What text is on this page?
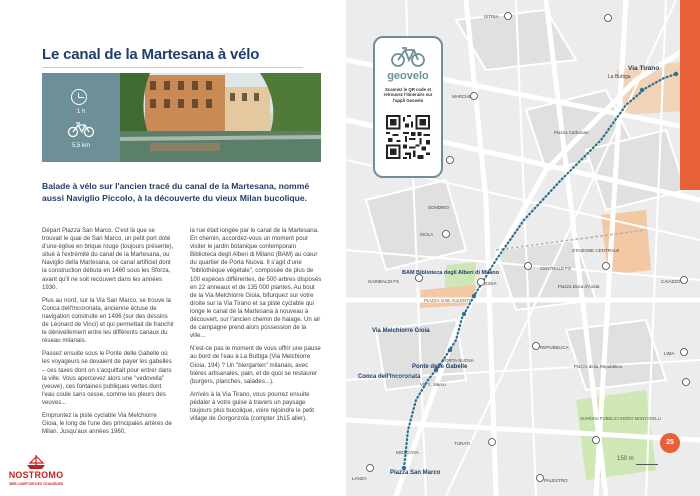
Le canal de la Martesana à vélo
1 h
5,5 km
Balade à vélo sur l'ancien tracé du canal de la Martesana, nommé aussi Naviglio Piccolo, à la découverte du vieux Milan bucolique.

Départ Piazza San Marco. C'est là que se trouvait le quai de San Marco, un petit port doté d'une église en brique rouge (toujours présente), situé à l'extrémité du canal de la Martesana, ou Naviglio della Martesana, ce canal artificiel dont la construction débuta en 1460 sous les Sforza, avant qu'il ne soit recouvert dans les années 1930.

Plus au nord, sur la Via San Marco, se trouve la Conca dell'Incoronata, ancienne écluse de navigation construite en 1496 (sur des dessins de Léonard de Vinci) et qui permettait de franchir le dénivellement entre les différents canaux du réseau milanais.

Passez ensuite sous le Ponte delle Gabelle où les voyageurs se devaient de payer les gabelles – ces taxes dont on s'acquittait pour entrer dans la ville. Vous apercevez alors une "vedovella" (veuve), ces fontaines publiques vertes dont l'eau coule sans cesse, comme les pleurs des veuves...

Empruntez la piste cyclable Via Melchiorre Gioia, le long de l'une des principales artères de Milan. Jusqu'aux années 1960,

la rue était longée par le canal de la Martesana. En chemin, accordez-vous un moment pour visiter le jardin botanique contemporain Biblioteca degli Alberi di Milano (BAM) au cœur du quartier de Porta Nuova. Il s'agit d'une "bibliothèque végétale", composée de plus de 100 espèces différentes, de 500 arbres disposés en 22 anneaux et de 135 000 plantes. Au bout de la Via Melchiorre Gioia, bifurquez sur votre droite sur la Via Tirano et sa piste cyclable qui longe le canal de la Martesana à nouveau à découvert, sur l'ancien chemin de halage. Un air de campagne prend alors possession de la ville...

N'est-ce pas le moment de vous offrir une pause au bord de l'eau à La Buttiga (Via Melchiorre Gioia, 194) ? Un "biergarten" milanais, avec bières artisanales, pain, et de quoi se restaurer (burgers, planches, salades...).

Arrivés à la Via Tirano, vous pourrez ensuite pédaler à votre guise à travers un paysage toujours plus bucolique, voire rejoindre le petit village de Gorgonzola (compter 1h15 aller).

NOSTROMO
WEB COMPTOIR DES VOYAGEURS
Via Tirano
La Buttiga
ISTRIA
MARCHE
SONDRIO
ISOLA
GIOIA
GARIBALDI FS
CENTRALE FS
CAIAZZO
REPUBBLICA
LIMA
TURATI
MOSCOVA
LANZA	PALESTRO
STAZIONE CENTRALE
Piazza Carbonari
Piazza Duca d'Aosta
Piazza della Repubblica
PIAZZA GAE AULENTI
PORTA NUOVA
BAM Biblioteca degli Alberi di Milano
Via Melchiorre Gioia
Ponte delle Gabelle
Conca dell'Incoronata
Piazza San Marco
GIARDINI PUBBLICI INDRO MONTANELLI
Via S. Marco
geovelo
Scannez le QR code et retrouvez l'itinéraire sur l'appli Geovelo
150 m
25
